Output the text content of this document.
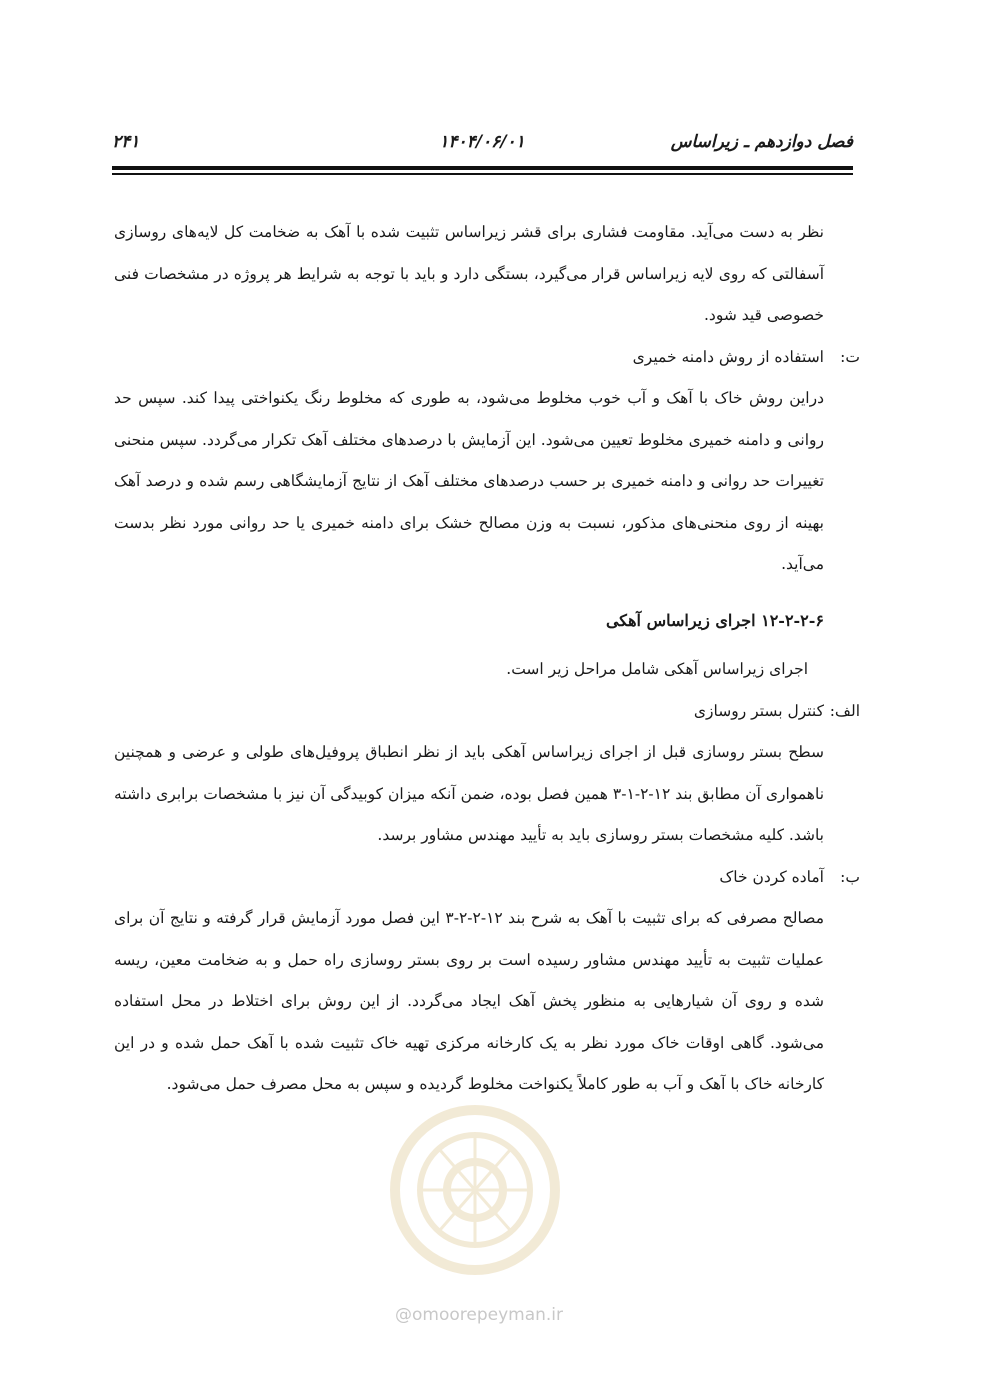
فصل دوازدهم ـ زیراساس
۱۴۰۴/۰۶/۰۱
۲۴۱

نظر به دست می‌آید. مقاومت فشاری برای قشر زیراساس تثبیت شده با آهک به ضخامت کل لایه‌های روسازی آسفالتی که روی لایه زیراساس قرار می‌گیرد، بستگی دارد و باید با توجه به شرایط هر پروژه در مشخصات فنی خصوصی قید شود.

ت:
استفاده از روش دامنه خمیری

دراین روش خاک با آهک و آب خوب مخلوط می‌شود، به طوری که مخلوط رنگ یکنواختی پیدا کند. سپس حد روانی و دامنه خمیری مخلوط تعیین می‌شود. این آزمایش با درصدهای مختلف آهک تکرار می‌گردد. سپس منحنی تغییرات حد روانی و دامنه خمیری بر حسب درصدهای مختلف آهک از نتایج آزمایشگاهی رسم شده و درصد آهک بهینه از روی منحنی‌های مذکور، نسبت به وزن مصالح خشک برای دامنه خمیری یا حد روانی مورد نظر بدست می‌آید.

۱۲-۲-۲-۶ اجرای زیراساس آهکی

اجرای زیراساس آهکی شامل مراحل زیر است.

الف:
کنترل بستر روسازی

سطح بستر روسازی قبل از اجرای زیراساس آهکی باید از نظر انطباق پروفیل‌های طولی و عرضی و همچنین ناهمواری آن مطابق بند ۱۲-۲-۱-۳ همین فصل بوده، ضمن آنکه میزان کوبیدگی آن نیز با مشخصات برابری داشته باشد. کلیه مشخصات بستر روسازی باید به تأیید مهندس مشاور برسد.

ب:
آماده کردن خاک

مصالح مصرفی که برای تثبیت با آهک به شرح بند ۱۲-۲-۲-۳ این فصل مورد آزمایش قرار گرفته و نتایج آن برای عملیات تثبیت به تأیید مهندس مشاور رسیده است بر روی بستر روسازی راه حمل و به ضخامت معین، ریسه شده و روی آن شیارهایی به منظور پخش آهک ایجاد می‌گردد. از این روش برای اختلاط در محل استفاده می‌شود. گاهی اوقات خاک مورد نظر به یک کارخانه مرکزی تهیه خاک تثبیت شده با آهک حمل شده و در این کارخانه خاک با آهک و آب به طور کاملاً یکنواخت مخلوط گردیده و سپس به محل مصرف حمل می‌شود.

@omoorepeyman.ir
